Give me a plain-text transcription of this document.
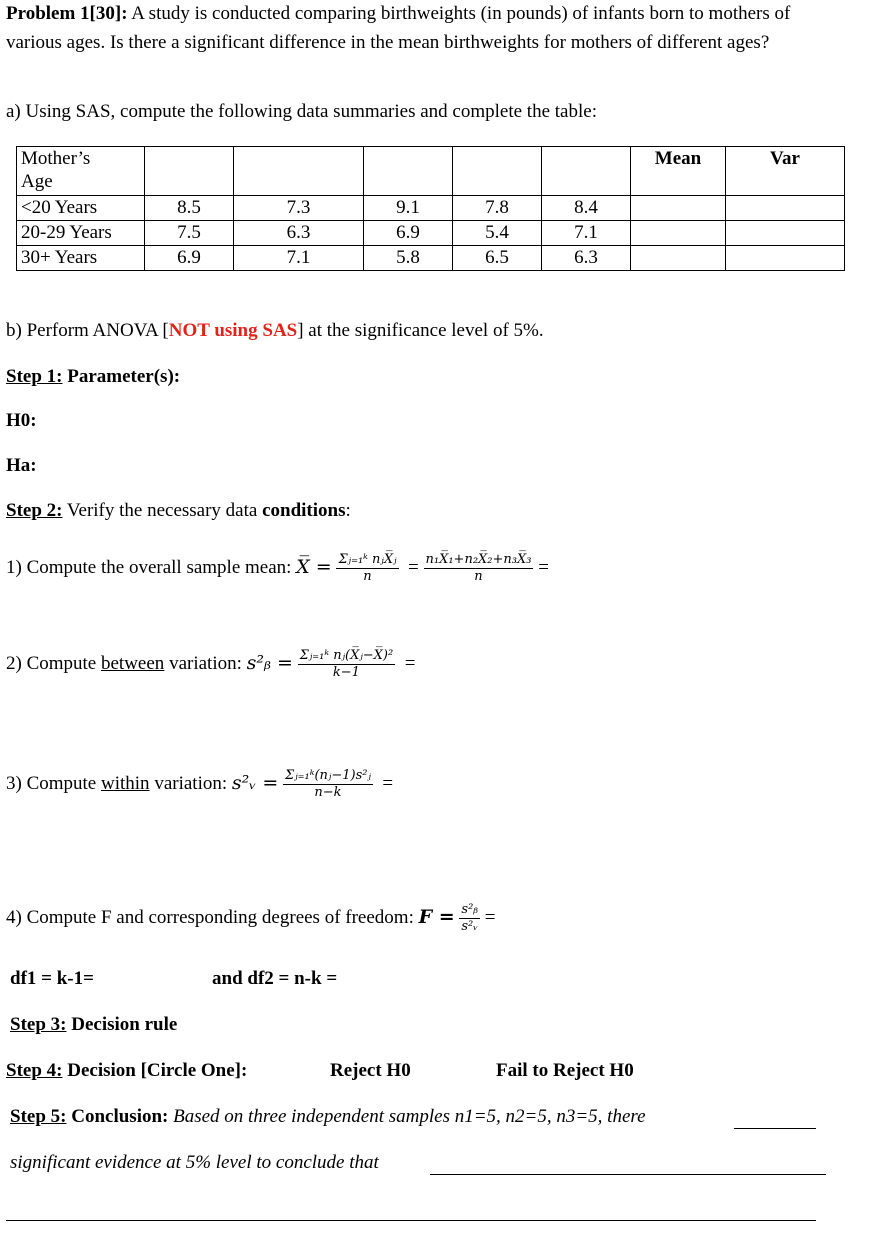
Problem 1[30]: A study is conducted comparing birthweights (in pounds) of infants born to mothers of various ages. Is there a significant difference in the mean birthweights for mothers of different ages?
a) Using SAS, compute the following data summaries and complete the table:
Mother’s
Age						Mean	Var
<20 Years	8.5	7.3	9.1	7.8	8.4		
20-29 Years	7.5	6.3	6.9	5.4	7.1		
30+ Years	6.9	7.1	5.8	6.5	6.3		
b) Perform ANOVA [NOT using SAS] at the significance level of 5%.
Step 1: Parameter(s):
H0:
Ha:
Step 2: Verify the necessary data conditions:
1) Compute the overall sample mean: X̅ = $\frac{\text{Σⱼ₌₁ᵏ nⱼX̅ⱼ}}{n} = \frac{\text{n₁X̅₁+n₂X̅₂+n₃X̅₃}}{n}$ =
2) Compute between variation: s²ᵦ = $\frac{\text{Σⱼ₌₁ᵏ nⱼ(X̅ⱼ−X̅)²}}{k-1}$ =
3) Compute within variation: s²ᵥ = $\frac{\text{Σⱼ₌₁ᵏ(nⱼ−1)s²ⱼ}}{n-k}$ =
4) Compute F and corresponding degrees of freedom: $F = \frac{\text{s²ᵦ}}{\text{s²ᵥ}}$ =
df1 = k-1=	and df2 = n-k =
Step 3: Decision rule
Step 4: Decision [Circle One]:	Reject H0	Fail to Reject H0
Step 5: Conclusion: Based on three independent samples n1=5, n2=5, n3=5, there
significant evidence at 5% level to conclude that
